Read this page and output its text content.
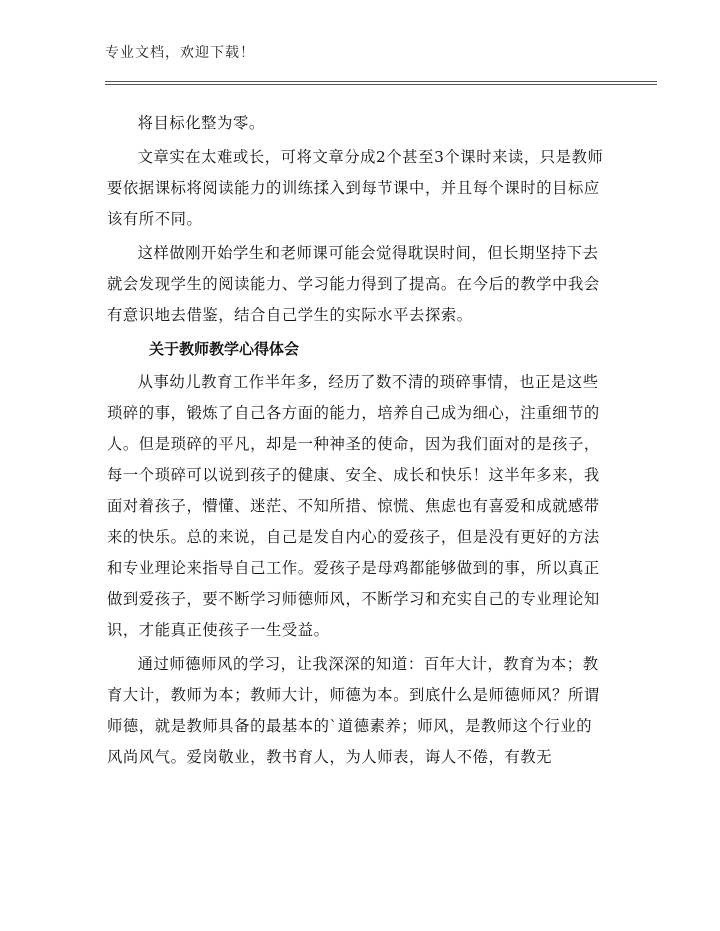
专业文档，欢迎下载！

将目标化整为零。

文章实在太难或长，可将文章分成2个甚至3个课时来读，只是教师要依据课标将阅读能力的训练揉入到每节课中，并且每个课时的目标应该有所不同。

这样做刚开始学生和老师课可能会觉得耽误时间，但长期坚持下去就会发现学生的阅读能力、学习能力得到了提高。在今后的教学中我会有意识地去借鉴，结合自己学生的实际水平去探索。

关于教师教学心得体会

从事幼儿教育工作半年多，经历了数不清的琐碎事情，也正是这些琐碎的事，锻炼了自己各方面的能力，培养自己成为细心，注重细节的人。但是琐碎的平凡，却是一种神圣的使命，因为我们面对的是孩子，每一个琐碎可以说到孩子的健康、安全、成长和快乐！这半年多来，我面对着孩子，懵懂、迷茫、不知所措、惊慌、焦虑也有喜爱和成就感带来的快乐。总的来说，自己是发自内心的爱孩子，但是没有更好的方法和专业理论来指导自己工作。爱孩子是母鸡都能够做到的事，所以真正做到爱孩子，要不断学习师德师风，不断学习和充实自己的专业理论知识，才能真正使孩子一生受益。

通过师德师风的学习，让我深深的知道：百年大计，教育为本；教育大计，教师为本；教师大计，师德为本。到底什么是师德师风？所谓师德，就是教师具备的最基本的`道德素养；师风，是教师这个行业的风尚风气。爱岗敬业，教书育人，为人师表，诲人不倦，有教无
